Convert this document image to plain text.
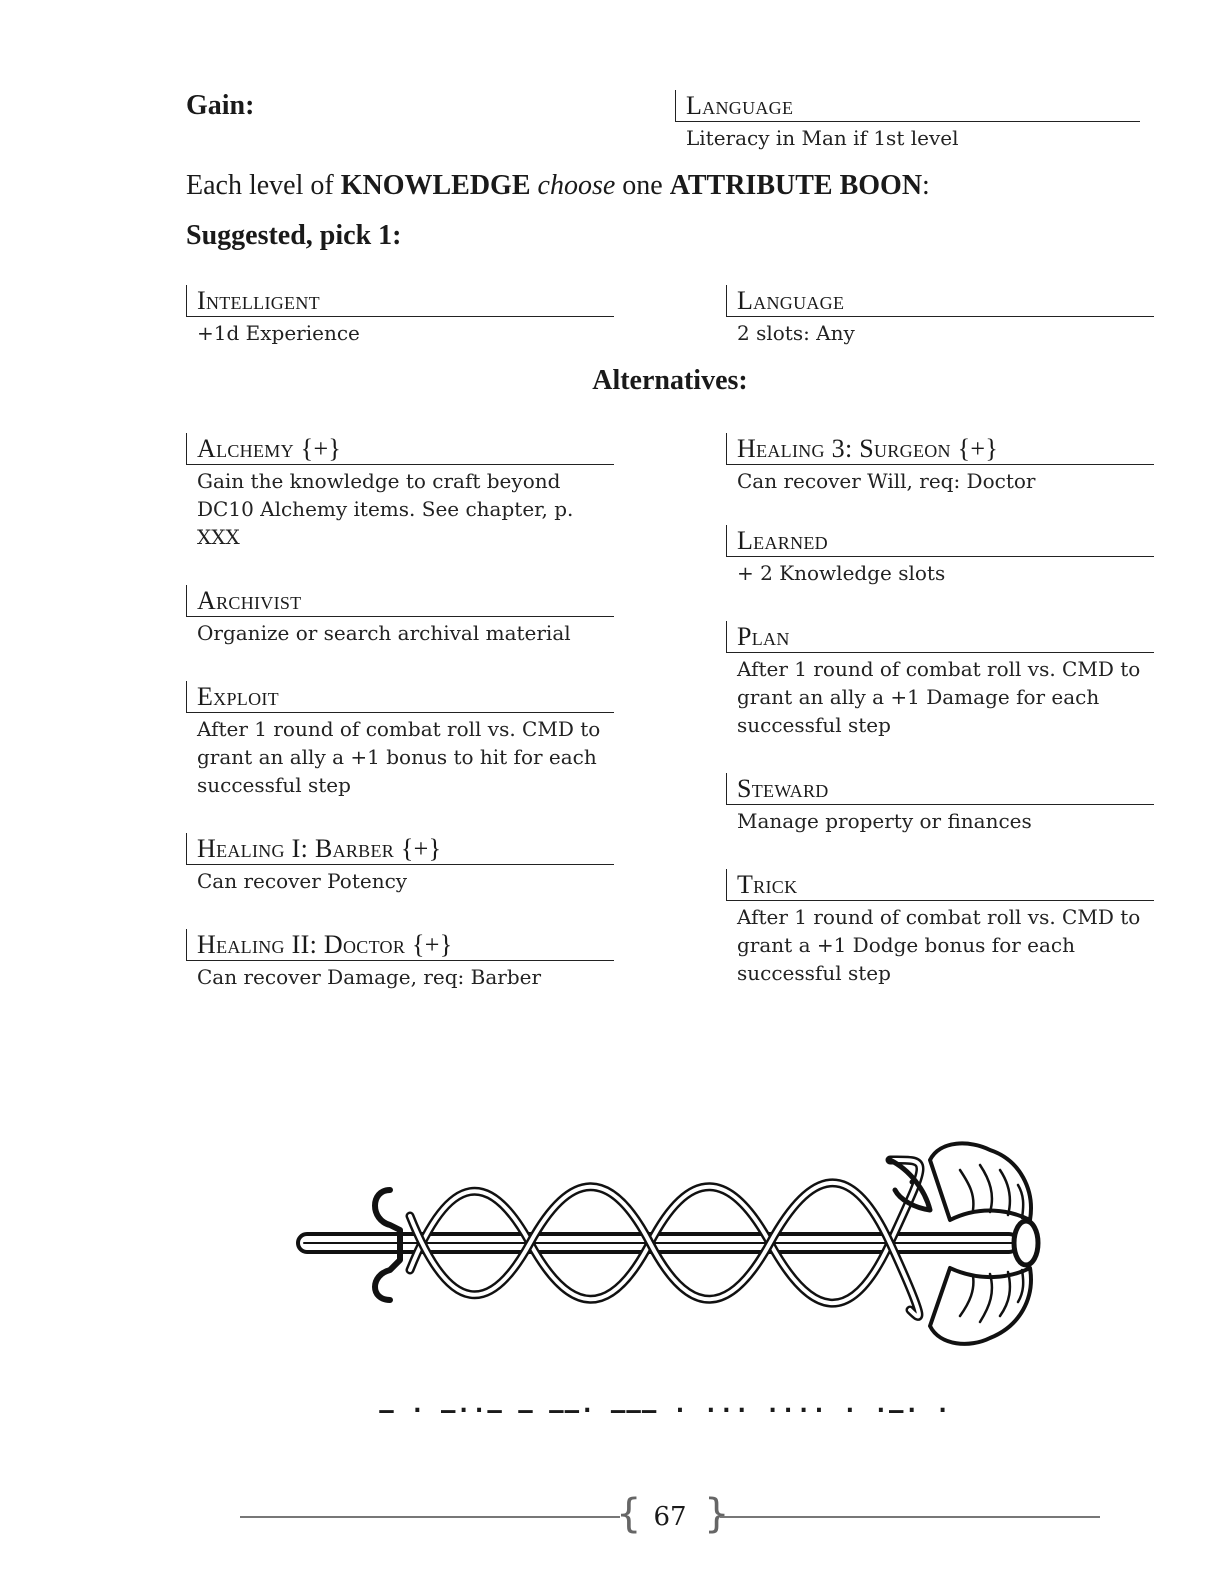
Gain:	Language
Literacy in Man if 1st level
Each level of KNOWLEDGE choose one ATTRIBUTE BOON:
Suggested, pick 1:
Intelligent
+1d Experience
Language
2 slots: Any
Alternatives:
Alchemy {+}
Gain the knowledge to craft beyond DC10 Alchemy items. See chapter, p. XXX
Archivist
Organize or search archival material
Exploit
After 1 round of combat roll vs. CMD to grant an ally a +1 bonus to hit for each successful step
Healing I: Barber {+}
Can recover Potency
Healing II: Doctor {+}
Can recover Damage, req: Barber
Healing 3: Surgeon {+}
Can recover Will, req: Doctor
Learned
+ 2 Knowledge slots
Plan
After 1 round of combat roll vs. CMD to grant an ally a +1 Damage for each successful step
Steward
Manage property or finances
Trick
After 1 round of combat roll vs. CMD to grant a +1 Dodge bonus for each successful step
– · –··– – ––· ––– · ··· ···· · ·–· ·
{ 67 }
